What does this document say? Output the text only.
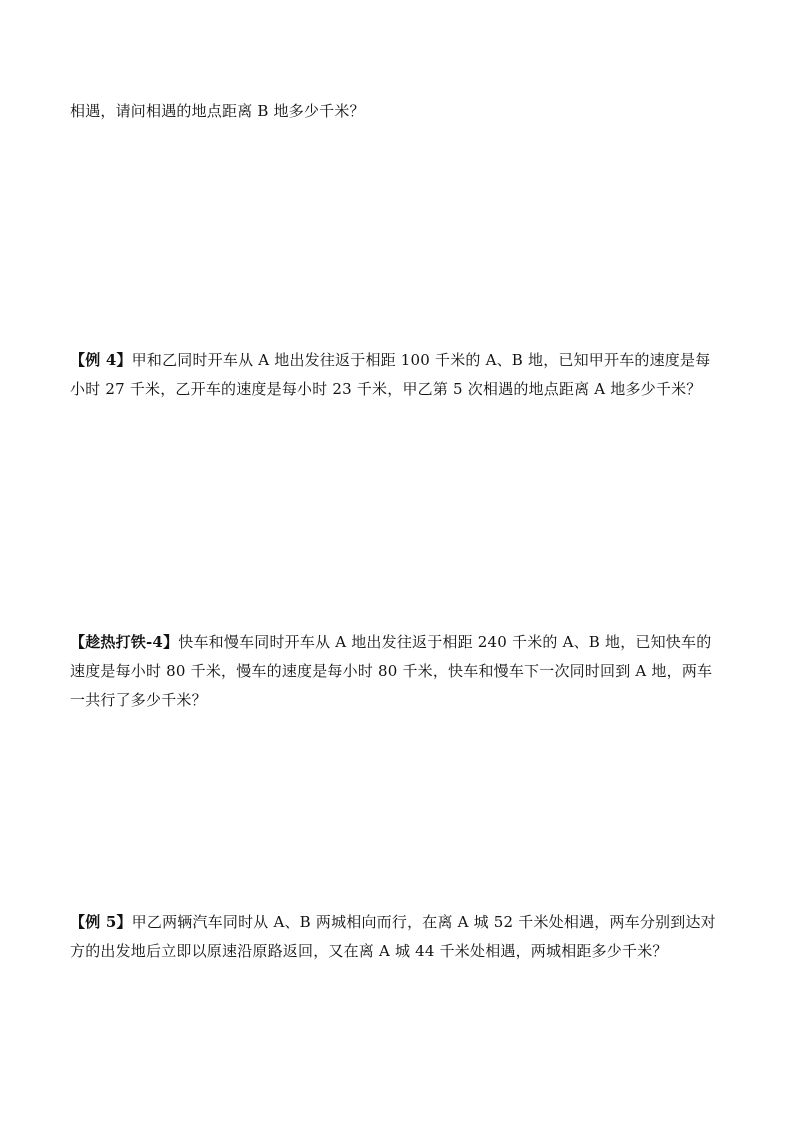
相遇，请问相遇的地点距离 B 地多少千米？
【例 4】甲和乙同时开车从 A 地出发往返于相距 100 千米的 A、B 地，已知甲开车的速度是每
小时 27 千米，乙开车的速度是每小时 23 千米，甲乙第 5 次相遇的地点距离 A 地多少千米？
【趁热打铁-4】快车和慢车同时开车从 A 地出发往返于相距 240 千米的 A、B 地，已知快车的
速度是每小时 80 千米，慢车的速度是每小时 80 千米，快车和慢车下一次同时回到 A 地，两车
一共行了多少千米？
【例 5】甲乙两辆汽车同时从 A、B 两城相向而行，在离 A 城 52 千米处相遇，两车分别到达对
方的出发地后立即以原速沿原路返回，又在离 A 城 44 千米处相遇，两城相距多少千米？
